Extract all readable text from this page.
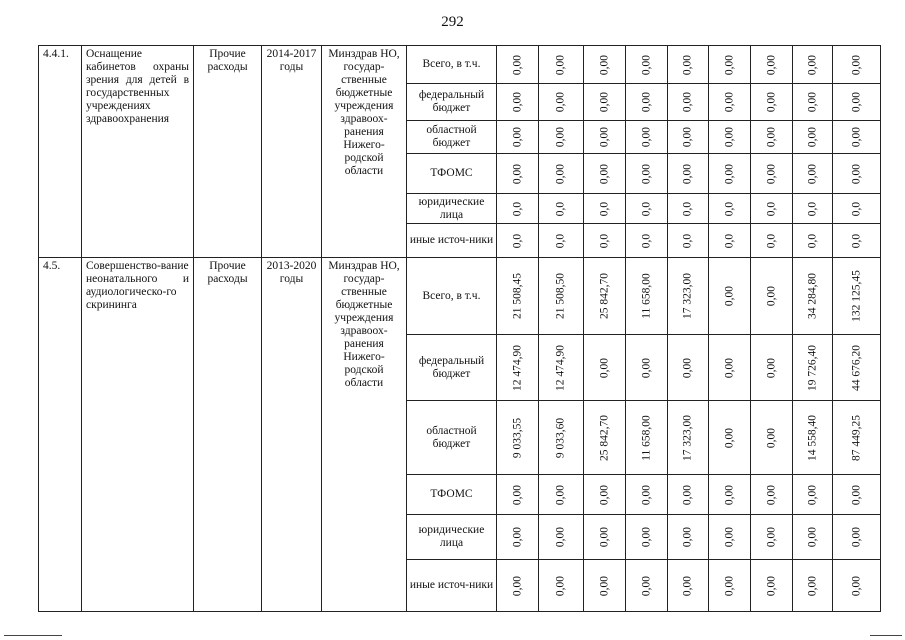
292
4.4.1.	Оснащение кабинетов охраны зрения для детей в государственных учреждениях здравоохранения	Прочие расходы	2014-2017 годы	Минздрав НО, государ-ственные бюджетные учреждения здравоох-ранения Нижего-родской области	Всего, в т.ч.	0,00	0,00	0,00	0,00	0,00	0,00	0,00	0,00	0,00

					федеральный бюджет	0,00	0,00	0,00	0,00	0,00	0,00	0,00	0,00	0,00

					областной бюджет	0,00	0,00	0,00	0,00	0,00	0,00	0,00	0,00	0,00

					ТФОМС	0,00	0,00	0,00	0,00	0,00	0,00	0,00	0,00	0,00

					юридические лица	0,0	0,0	0,0	0,0	0,0	0,0	0,0	0,0	0,0

					иные источ-ники	0,0	0,0	0,0	0,0	0,0	0,0	0,0	0,0	0,0

4.5.	Совершенство-вание неонатального и аудиологическо-го скрининга	Прочие расходы	2013-2020 годы	Минздрав НО, государ-ственные бюджетные учреждения здравоох-ранения Нижего-родской области	Всего, в т.ч.	21 508,45	21 508,50	25 842,70	11 658,00	17 323,00	0,00	0,00	34 284,80	132 125,45

					федеральный бюджет	12 474,90	12 474,90	0,00	0,00	0,00	0,00	0,00	19 726,40	44 676,20

					областной бюджет	9 033,55	9 033,60	25 842,70	11 658,00	17 323,00	0,00	0,00	14 558,40	87 449,25

					ТФОМС	0,00	0,00	0,00	0,00	0,00	0,00	0,00	0,00	0,00

					юридические лица	0,00	0,00	0,00	0,00	0,00	0,00	0,00	0,00	0,00

					иные источ-ники	0,00	0,00	0,00	0,00	0,00	0,00	0,00	0,00	0,00
